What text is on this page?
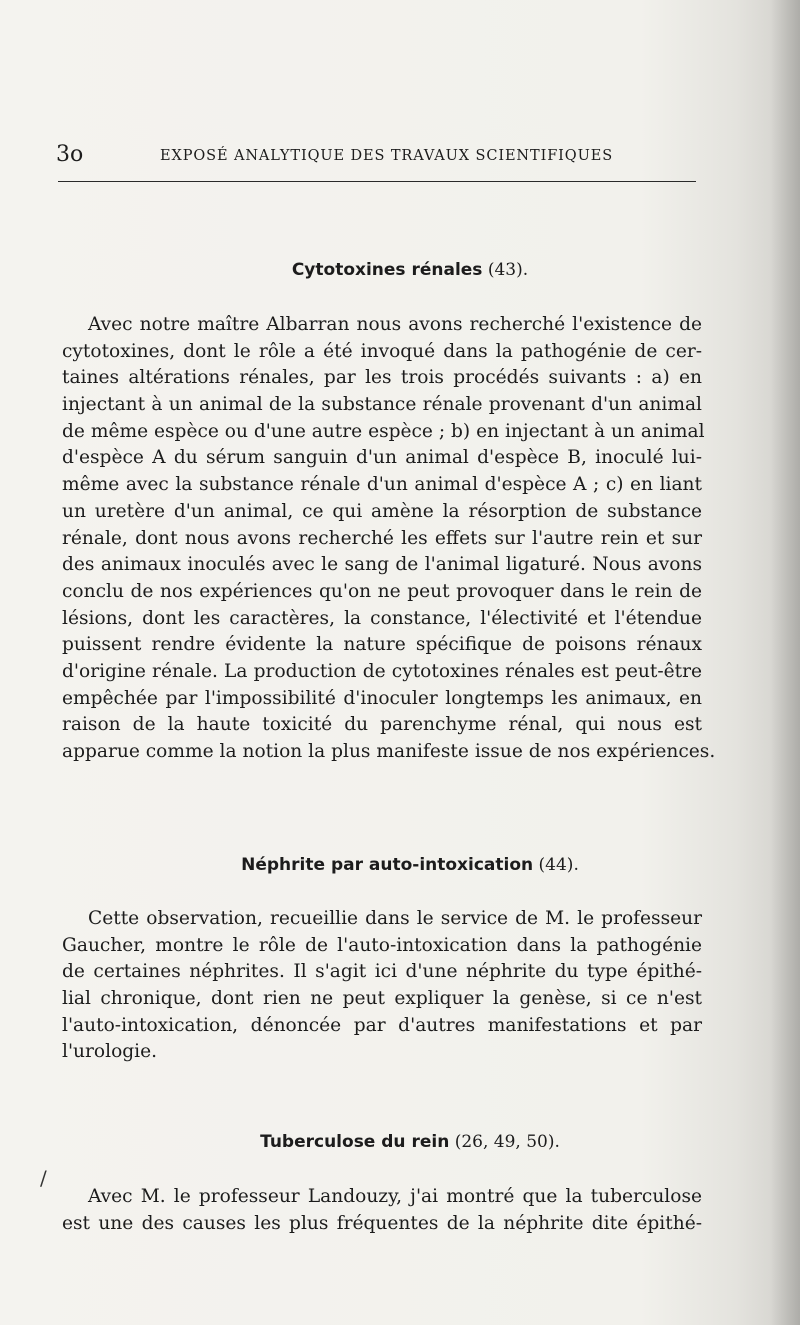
3o	EXPOSÉ ANALYTIQUE DES TRAVAUX SCIENTIFIQUES
Cytotoxines rénales (43).
Avec notre maître Albarran nous avons recherché l'existence de
cytotoxines, dont le rôle a été invoqué dans la pathogénie de cer-
taines altérations rénales, par les trois procédés suivants : a) en
injectant à un animal de la substance rénale provenant d'un animal
de même espèce ou d'une autre espèce ; b) en injectant à un animal
d'espèce A du sérum sanguin d'un animal d'espèce B, inoculé lui-
même avec la substance rénale d'un animal d'espèce A ; c) en liant
un uretère d'un animal, ce qui amène la résorption de substance
rénale, dont nous avons recherché les effets sur l'autre rein et sur
des animaux inoculés avec le sang de l'animal ligaturé. Nous avons
conclu de nos expériences qu'on ne peut provoquer dans le rein de
lésions, dont les caractères, la constance, l'électivité et l'étendue
puissent rendre évidente la nature spécifique de poisons rénaux
d'origine rénale. La production de cytotoxines rénales est peut-être
empêchée par l'impossibilité d'inoculer longtemps les animaux, en
raison de la haute toxicité du parenchyme rénal, qui nous est
apparue comme la notion la plus manifeste issue de nos expériences.
Néphrite par auto-intoxication (44).
Cette observation, recueillie dans le service de M. le professeur
Gaucher, montre le rôle de l'auto-intoxication dans la pathogénie
de certaines néphrites. Il s'agit ici d'une néphrite du type épithé-
lial chronique, dont rien ne peut expliquer la genèse, si ce n'est
l'auto-intoxication, dénoncée par d'autres manifestations et par
l'urologie.
Tuberculose du rein (26, 49, 50).
Avec M. le professeur Landouzy, j'ai montré que la tuberculose
est une des causes les plus fréquentes de la néphrite dite épithé-
/
